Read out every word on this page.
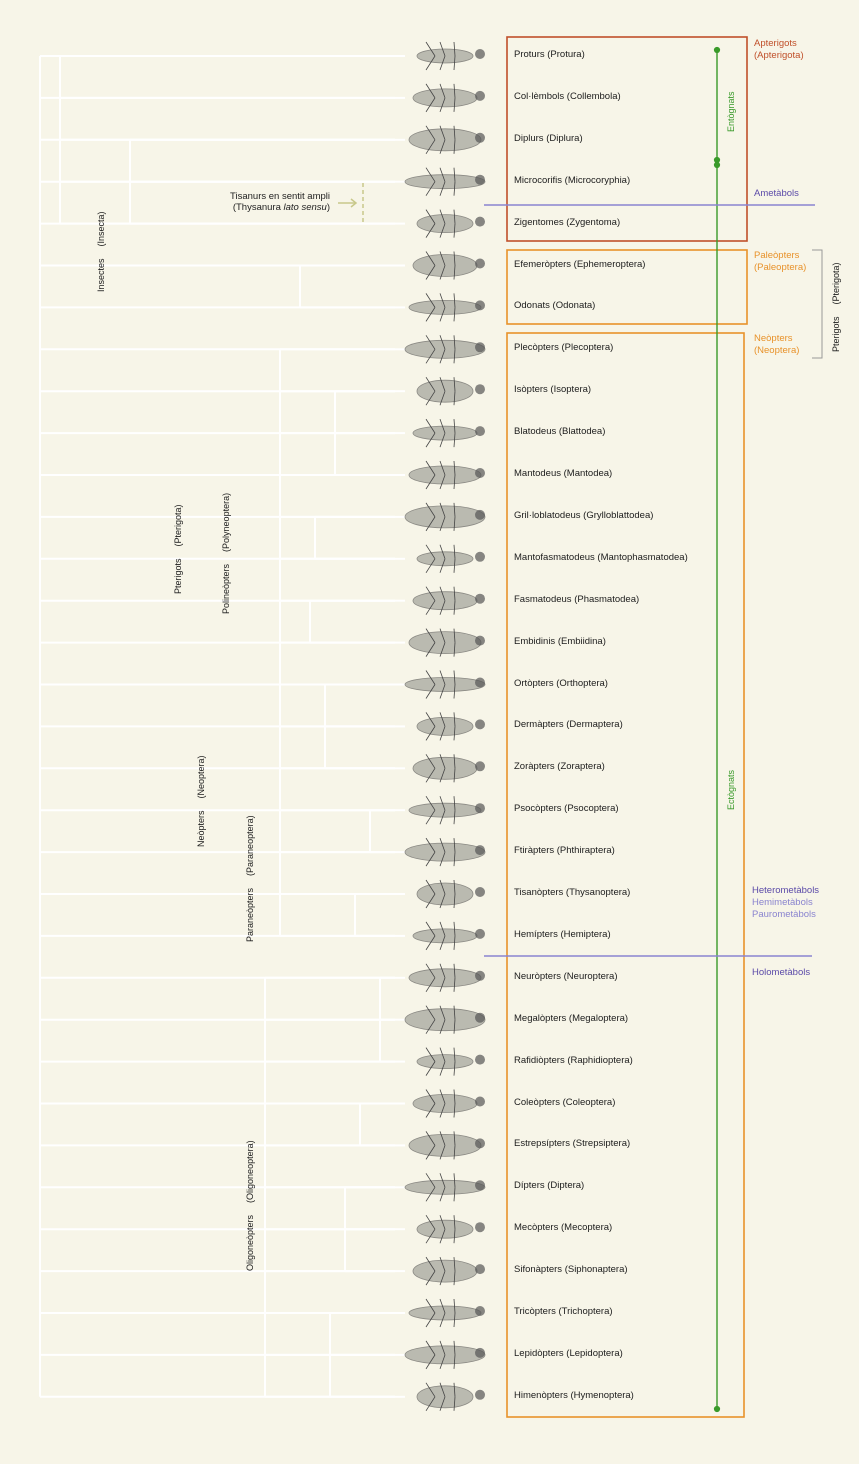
Tisanurs en sentit ampli
(Thysanura lato sensu)
Proturs (Protura)
Col·lèmbols (Collembola)
Diplurs (Diplura)
Microcorifis (Microcoryphia)
Zigentomes (Zygentoma)
Efemeròpters (Ephemeroptera)
Odonats (Odonata)
Plecòpters (Plecoptera)
Isòpters (Isoptera)
Blatodeus (Blattodea)
Mantodeus (Mantodea)
Gril·loblatodeus (Grylloblattodea)
Mantofasmatodeus (Mantophasmatodea)
Fasmatodeus (Phasmatodea)
Embidinis (Embiidina)
Ortòpters (Orthoptera)
Dermàpters (Dermaptera)
Zoràpters (Zoraptera)
Psocòpters (Psocoptera)
Ftiràpters (Phthiraptera)
Tisanòpters (Thysanoptera)
Hemípters (Hemiptera)
Neuròpters (Neuroptera)
Megalòpters (Megaloptera)
Rafidiòpters (Raphidioptera)
Coleòpters (Coleoptera)
Estrepsípters (Strepsiptera)
Dípters (Diptera)
Mecòpters (Mecoptera)
Sifonàpters (Siphonaptera)
Tricòpters (Trichoptera)
Lepidòpters (Lepidoptera)
Himenòpters (Hymenoptera)
Insectes(Insecta)
Pterigots(Pterigota)
Polineòpters(Polyneoptera)
Neòpters(Neoptera)
Paraneòpters(Paraneoptera)
Oligoneòpters(Oligoneoptera)
Apterigots
(Apterigota)
Ametàbols
Paleòpters
(Paleoptera)
Neòpters
(Neoptera)	Pterigots(Pterigota)
Entògnats
Ectògnats
Heterometàbols
Hemimetàbols
Paurometàbols
Holometàbols
